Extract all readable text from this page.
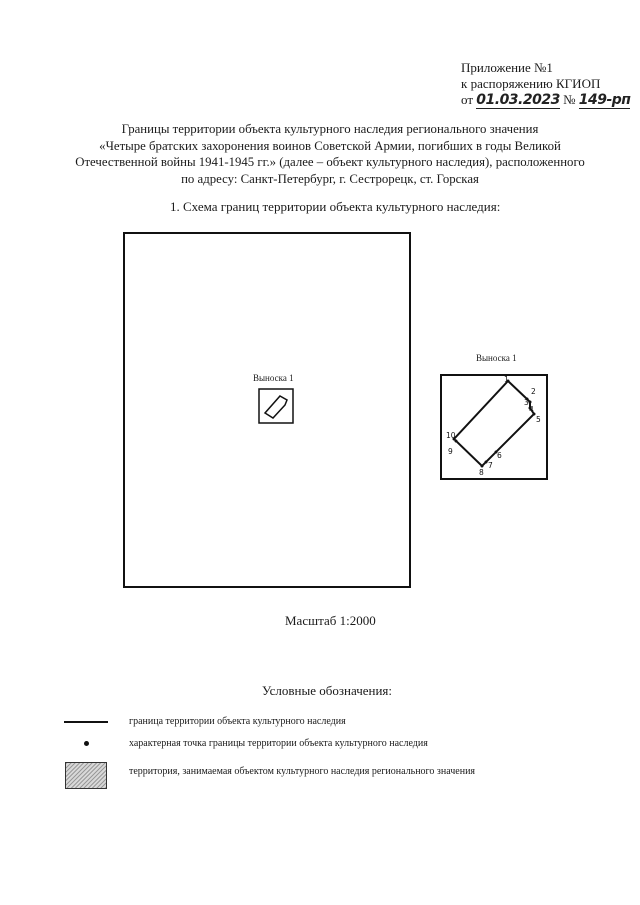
Приложение №1
к распоряжению КГИОП
от 01.03.2023 № 149-рп
Границы территории объекта культурного наследия регионального значения
«Четыре братских захоронения воинов Советской Армии, погибших в годы Великой
Отечественной войны 1941-1945 гг.» (далее – объект культурного наследия), расположенного
по адресу: Санкт-Петербург, г. Сестрорецк, ст. Горская
1. Схема границ территории объекта культурного наследия:
Выноска 1
Выноска 1
1
2
3
4
5
6
7
8
9
10
Масштаб 1:2000
Условные обозначения:
граница территории объекта культурного наследия
характерная точка границы территории объекта культурного наследия
территория, занимаемая объектом культурного наследия регионального значения
